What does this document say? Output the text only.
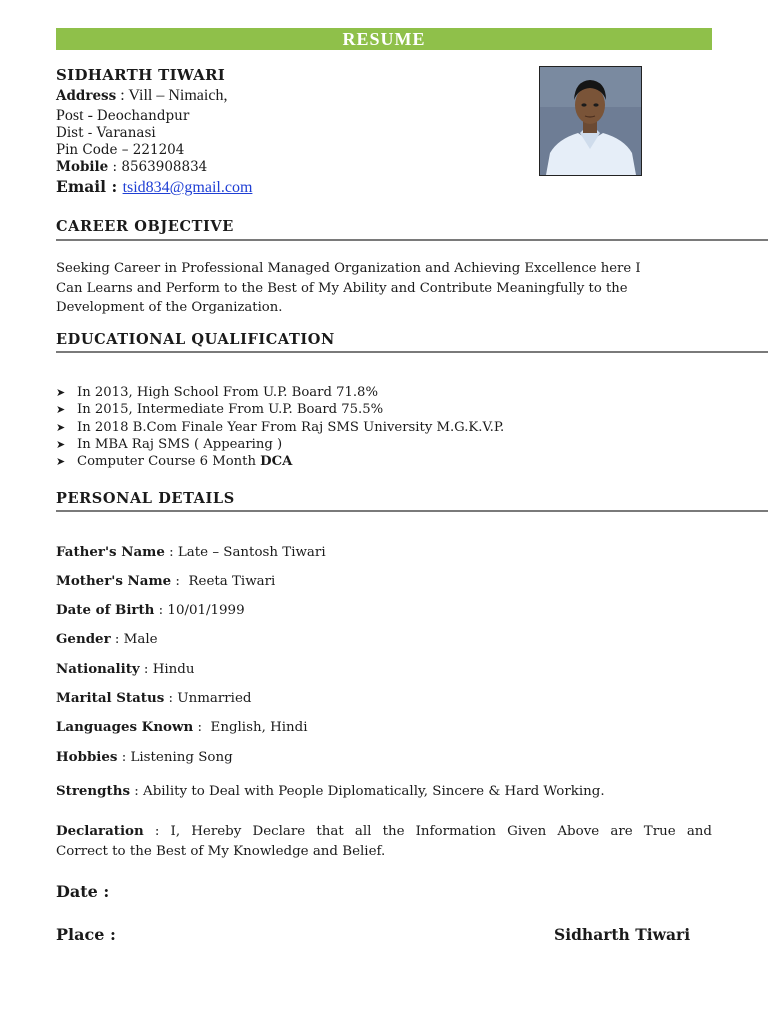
RESUME
SIDHARTH TIWARI
Address : Vill – Nimaich,
Post - Deochandpur
Dist - Varanasi
Pin Code – 221204
Mobile : 8563908834
Email : tsid834@gmail.com
CAREER OBJECTIVE
Seeking Career in Professional Managed Organization and Achieving Excellence here I
Can Learns and Perform to the Best of My Ability and Contribute Meaningfully to the
Development of the Organization.
EDUCATIONAL QUALIFICATION
➤ In 2013, High School From U.P. Board 71.8%
➤ In 2015, Intermediate From U.P. Board 75.5%
➤ In 2018 B.Com Finale Year From Raj SMS University M.G.K.V.P.
➤ In MBA Raj SMS ( Appearing )
➤ Computer Course 6 Month DCA
PERSONAL DETAILS
Father's Name : Late – Santosh Tiwari
Mother's Name :  Reeta Tiwari
Date of Birth : 10/01/1999
Gender : Male
Nationality : Hindu
Marital Status : Unmarried
Languages Known :  English, Hindi
Hobbies : Listening Song
Strengths : Ability to Deal with People Diplomatically, Sincere & Hard Working.
Declaration : I, Hereby Declare that all the Information Given Above are True and
Correct to the Best of My Knowledge and Belief.
Date :
Place :	Sidharth Tiwari
